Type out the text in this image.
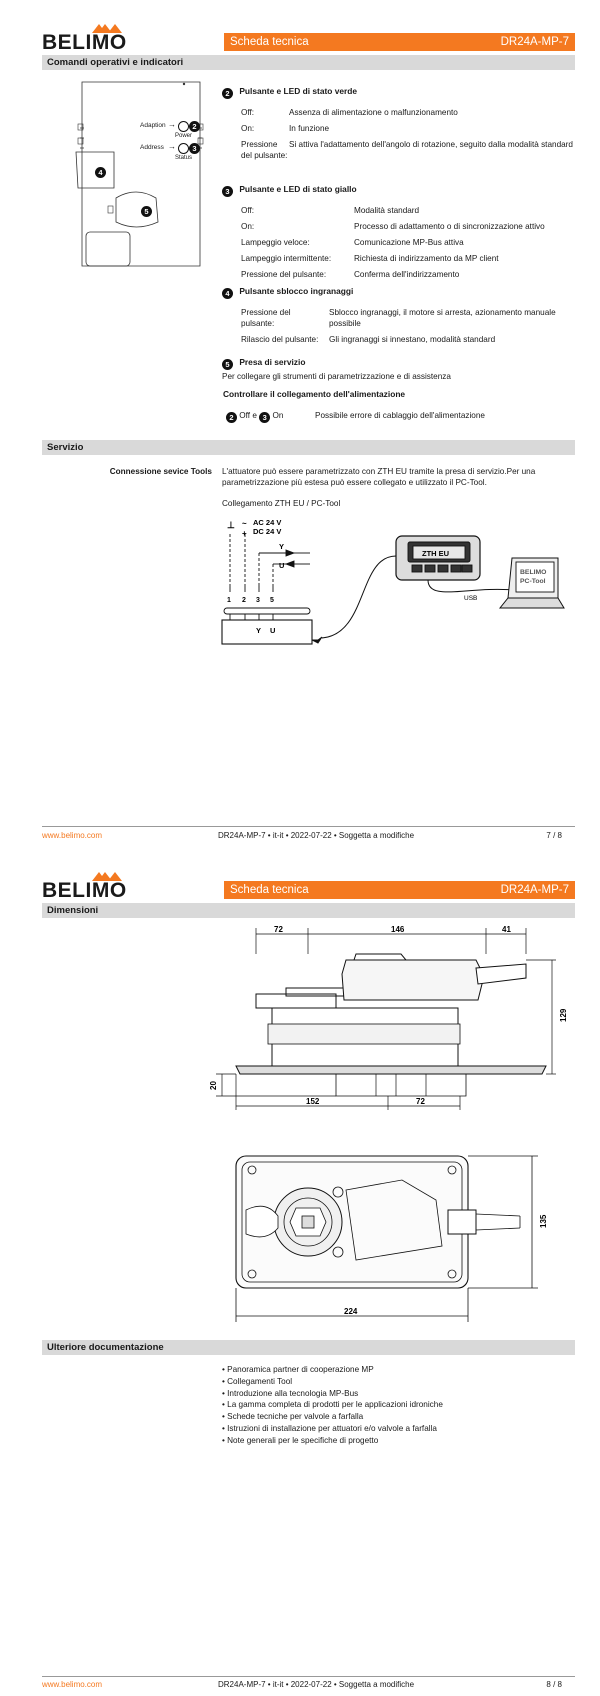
BELIMO	Scheda tecnica	DR24A-MP-7
Comandi operativi e indicatori
Adaption →	2
Power
Address →	3
Status
4
5
2 Pulsante e LED di stato verde
Off:	Assenza di alimentazione o malfunzionamento
On:	In funzione
Pressione del pulsante:	Si attiva l'adattamento dell'angolo di rotazione, seguito dalla modalità standard
3 Pulsante e LED di stato giallo
Off:	Modalità standard
On:	Processo di adattamento o di sincronizzazione attivo
Lampeggio veloce:	Comunicazione MP-Bus attiva
Lampeggio intermittente:	Richiesta di indirizzamento da MP client
Pressione del pulsante:	Conferma dell'indirizzamento
4 Pulsante sblocco ingranaggi
Pressione del pulsante:	Sblocco ingranaggi, il motore si arresta, azionamento manuale possibile
Rilascio del pulsante:	Gli ingranaggi si innestano, modalità standard
5 Presa di servizio
Per collegare gli strumenti di parametrizzazione e di assistenza
Controllare il collegamento dell'alimentazione
2 Off e 3 On	Possibile errore di cablaggio dell'alimentazione
Servizio
Connessione sevice Tools L'attuatore può essere parametrizzato con ZTH EU tramite la presa di servizio.Per una parametrizzazione più estesa può essere collegato e utilizzato il PC-Tool.
Collegamento ZTH EU / PC-Tool
⊥ ~
+
AC 24 V
DC 24 V
Y
U
1 2 3 5
Y U
ZTH EU
USB
BELIMO
PC-Tool
www.belimo.com	DR24A-MP-7 • it-it • 2022-07-22 • Soggetta a modifiche	7 / 8
BELIMO	Scheda tecnica	DR24A-MP-7
Dimensioni
72	146	41
129
20
152	72
135
224
Ulteriore documentazione
• Panoramica partner di cooperazione MP
• Collegamenti Tool
• Introduzione alla tecnologia MP-Bus
• La gamma completa di prodotti per le applicazioni idroniche
• Schede tecniche per valvole a farfalla
• Istruzioni di installazione per attuatori e/o valvole a farfalla
• Note generali per le specifiche di progetto
www.belimo.com	DR24A-MP-7 • it-it • 2022-07-22 • Soggetta a modifiche	8 / 8
